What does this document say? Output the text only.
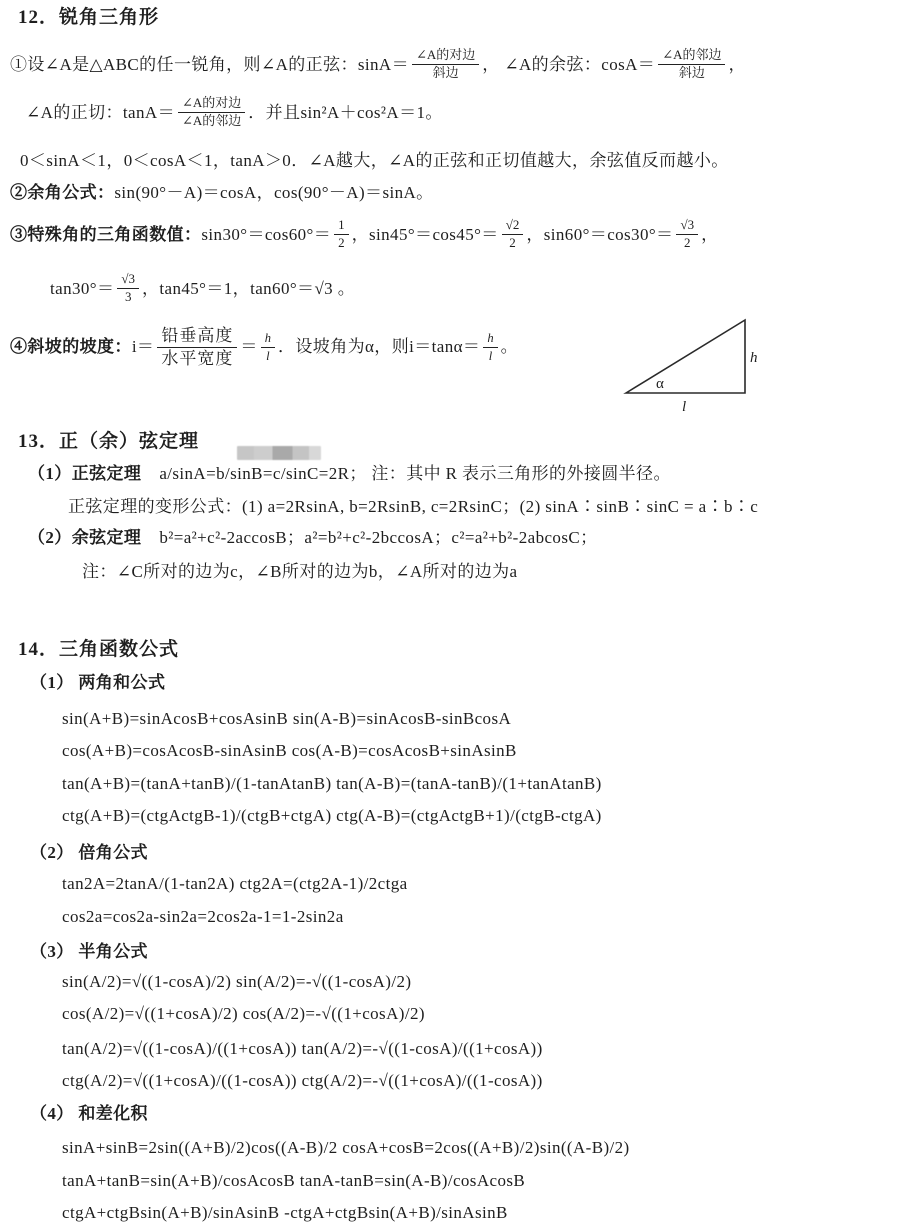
12．锐角三角形
①设∠A是△ABC的任一锐角，则∠A的正弦：$\sin A= \frac{\text{∠A的对边}}{\text{斜边}}$ ， ∠A的余弦：$\cos A= \frac{\text{∠A的邻边}}{\text{斜边}}$ ，
∠A的正切：$\tan A= \frac{\text{∠A的对边}}{\text{∠A的邻边}}$ ．并且sin²A＋cos²A＝1。
0＜sinA＜1，0＜cosA＜1，tanA＞0．∠A越大，∠A的正弦和正切值越大，余弦值反而越小。
②余角公式：sin(90°－A)＝cosA，cos(90°－A)＝sinA。
③特殊角的三角函数值： $\sin 30^\circ=\cos 60^\circ= \frac{1}{2}$ ，$\sin 45^\circ=\cos 45^\circ= \frac{√2}{2}$ ，$\sin 60^\circ=\cos 30^\circ= \frac{√3}{2}$ ，
$\tan 30^\circ= \frac{√3}{3}$ ，tan45°＝1，tan60°＝√3 。
④斜坡的坡度： $i= \frac{\text{铅垂高度}}{\text{水平宽度}} = \frac{h}{l}$ ．设坡角为α，则$i=\tan\alpha= \frac{h}{l}$ 。
α
h
l
13．正（余）弦定理
（1）正弦定理 a/sinA=b/sinB=c/sinC=2R； 注：其中 R 表示三角形的外接圆半径。
正弦定理的变形公式：(1) a=2RsinA, b=2RsinB, c=2RsinC；(2) sinA∶sinB∶sinC = a∶b∶c
（2）余弦定理 b²=a²+c²-2accosB；a²=b²+c²-2bccosA；c²=a²+b²-2abcosC；
注：∠C所对的边为c，∠B所对的边为b，∠A所对的边为a
14．三角函数公式
（1） 两角和公式
sin(A+B)=sinAcosB+cosAsinB sin(A-B)=sinAcosB-sinBcosA
cos(A+B)=cosAcosB-sinAsinB cos(A-B)=cosAcosB+sinAsinB
tan(A+B)=(tanA+tanB)/(1-tanAtanB) tan(A-B)=(tanA-tanB)/(1+tanAtanB)
ctg(A+B)=(ctgActgB-1)/(ctgB+ctgA) ctg(A-B)=(ctgActgB+1)/(ctgB-ctgA)
（2） 倍角公式
tan2A=2tanA/(1-tan2A) ctg2A=(ctg2A-1)/2ctga
cos2a=cos2a-sin2a=2cos2a-1=1-2sin2a
（3） 半角公式
sin(A/2)=√((1-cosA)/2) sin(A/2)=-√((1-cosA)/2)
cos(A/2)=√((1+cosA)/2) cos(A/2)=-√((1+cosA)/2)
tan(A/2)=√((1-cosA)/((1+cosA)) tan(A/2)=-√((1-cosA)/((1+cosA))
ctg(A/2)=√((1+cosA)/((1-cosA)) ctg(A/2)=-√((1+cosA)/((1-cosA))
（4） 和差化积
sinA+sinB=2sin((A+B)/2)cos((A-B)/2 cosA+cosB=2cos((A+B)/2)sin((A-B)/2)
tanA+tanB=sin(A+B)/cosAcosB tanA-tanB=sin(A-B)/cosAcosB
ctgA+ctgBsin(A+B)/sinAsinB -ctgA+ctgBsin(A+B)/sinAsinB
